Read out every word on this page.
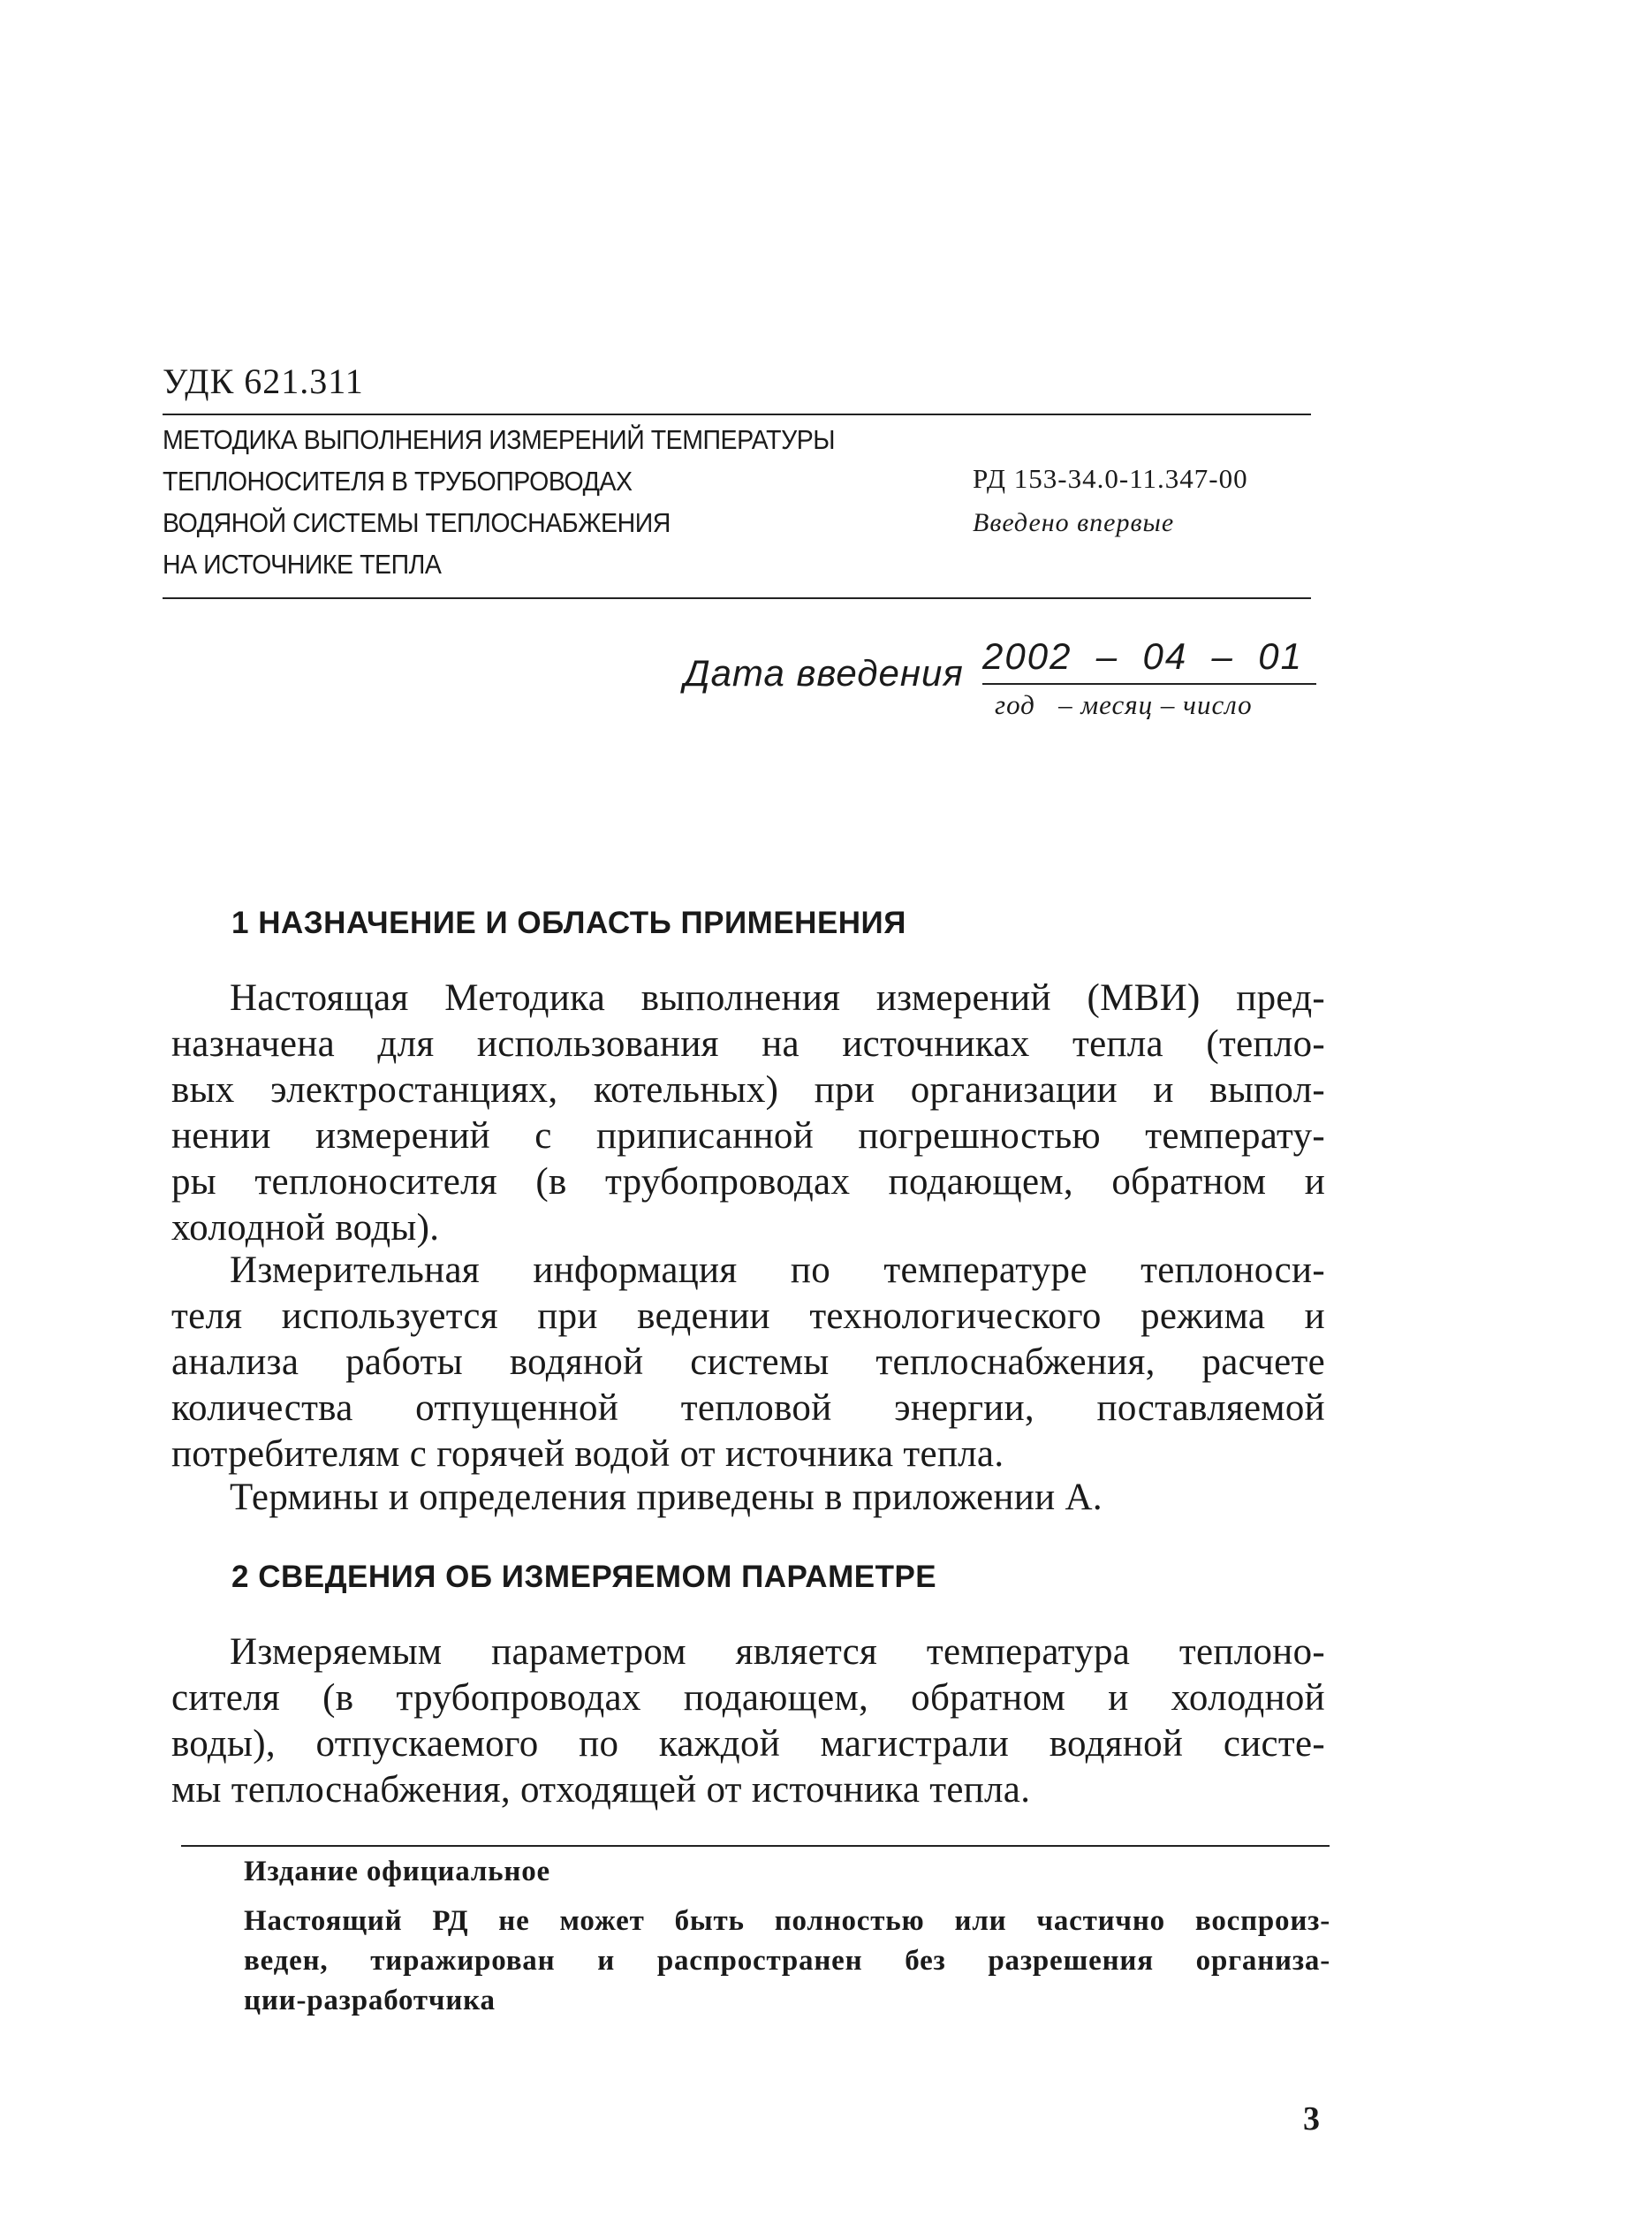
УДК 621.311
МЕТОДИКА ВЫПОЛНЕНИЯ ИЗМЕРЕНИЙ ТЕМПЕРАТУРЫ
ТЕПЛОНОСИТЕЛЯ В ТРУБОПРОВОДАХ
ВОДЯНОЙ СИСТЕМЫ ТЕПЛОСНАБЖЕНИЯ
НА ИСТОЧНИКЕ ТЕПЛА
РД 153-34.0-11.347-00
Введено впервые
Дата введения 2002  –  04  –  01
год   – месяц – число
1 НАЗНАЧЕНИЕ И ОБЛАСТЬ ПРИМЕНЕНИЯ
Настоящая Методика выполнения измерений (МВИ) пред-
назначена для использования на источниках тепла (тепло-
вых электростанциях, котельных) при организации и выпол-
нении измерений с приписанной погрешностью температу-
ры теплоносителя (в трубопроводах подающем, обратном и
холодной воды).
Измерительная информация по температуре теплоноси-
теля используется при ведении технологического режима и
анализа работы водяной системы теплоснабжения, расчете
количества отпущенной тепловой энергии, поставляемой
потребителям с горячей водой от источника тепла.
Термины и определения приведены в приложении А.
2 СВЕДЕНИЯ ОБ ИЗМЕРЯЕМОМ ПАРАМЕТРЕ
Измеряемым параметром является температура теплоно-
сителя (в трубопроводах подающем, обратном и холодной
воды), отпускаемого по каждой магистрали водяной систе-
мы теплоснабжения, отходящей от источника тепла.
Издание официальное
Настоящий РД не может быть полностью или частично воспроиз-
веден, тиражирован и распространен без разрешения организа-
ции-разработчика
3
